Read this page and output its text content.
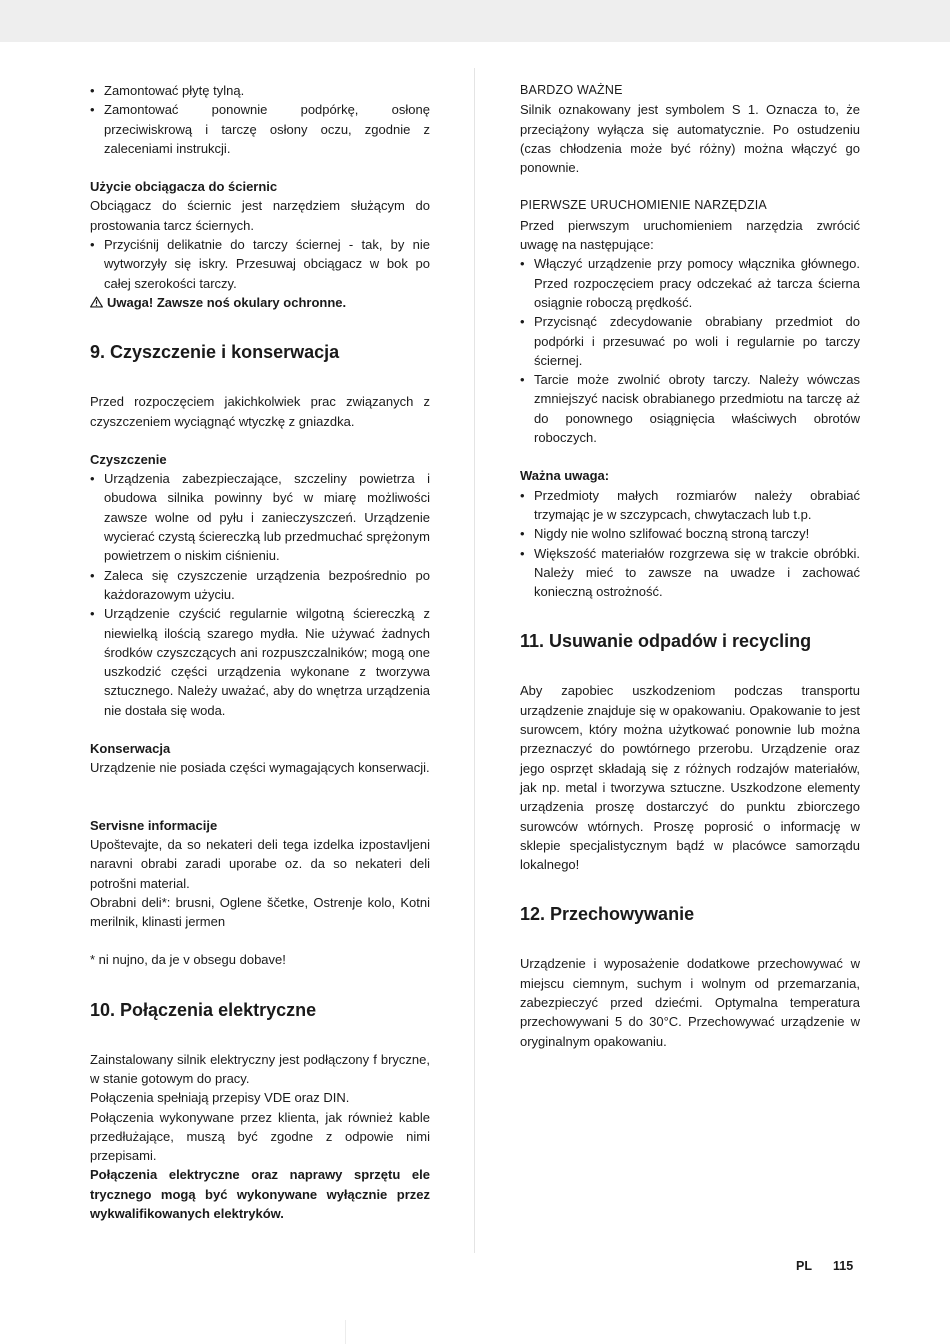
• Zamontować płytę tylną.
• Zamontować ponownie podpórkę, osłonę przeciwiskrową i tarczę osłony oczu, zgodnie z zaleceniami instrukcji.
Użycie obciągacza do ściernic

Obciągacz do ściernic jest narzędziem służącym do prostowania tarcz ściernych.

• Przyciśnij delikatnie do tarczy ściernej - tak, by nie wytworzyły się iskry. Przesuwaj obciągacz w bok po całej szerokości tarczy.

Uwaga! Zawsze noś okulary ochronne.

9. Czyszczenie i konserwacja

Przed rozpoczęciem jakichkolwiek prac związanych z czyszczeniem wyciągnąć wtyczkę z gniazdka.

Czyszczenie
• Urządzenia zabezpieczające, szczeliny powietrza i obudowa silnika powinny być w miarę możliwości zawsze wolne od pyłu i zanieczyszczeń. Urządzenie wycierać czystą ściereczką lub przedmuchać sprężonym powietrzem o niskim ciśnieniu.
• Zaleca się czyszczenie urządzenia bezpośrednio po każdorazowym użyciu.
• Urządzenie czyścić regularnie wilgotną ściereczką z niewielką ilością szarego mydła. Nie używać żadnych środków czyszczących ani rozpuszczalników; mogą one uszkodzić części urządzenia wykonane z tworzywa sztucznego. Należy uważać, aby do wnętrza urządzenia nie dostała się woda.
Konserwacja

Urządzenie nie posiada części wymagających konserwacji.

Servisne informacije

Upoštevajte, da so nekateri deli tega izdelka izpostavljeni naravni obrabi zaradi uporabe oz. da so nekateri deli potrošni material.

Obrabni deli*: brusni, Oglene ščetke, Ostrenje kolo, Kotni merilnik, klinasti jermen

* ni nujno, da je v obsegu dobave!

10. Połączenia elektryczne

Zainstalowany silnik elektryczny jest podłączony f bryczne, w stanie gotowym do pracy.

Połączenia spełniają przepisy VDE oraz DIN.

Połączenia wykonywane przez klienta, jak również kable przedłużające, muszą być zgodne z odpowie nimi przepisami.

Połączenia elektryczne oraz naprawy sprzętu ele trycznego mogą być wykonywane wyłącznie przez wykwalifikowanych elektryków.

BARDZO WAŻNE

Silnik oznakowany jest symbolem S 1. Oznacza to, że przeciążony wyłącza się automatycznie. Po ostudzeniu (czas chłodzenia może być różny) można włączyć go ponownie.

PIERWSZE URUCHOMIENIE NARZĘDZIA

Przed pierwszym uruchomieniem narzędzia zwrócić uwagę na następujące:

• Włączyć urządzenie przy pomocy włącznika głównego. Przed rozpoczęciem pracy odczekać aż tarcza ścierna osiągnie roboczą prędkość.
• Przycisnąć zdecydowanie obrabiany przedmiot do podpórki i przesuwać po woli i regularnie po tarczy ściernej.
• Tarcie może zwolnić obroty tarczy. Należy wówczas zmniejszyć nacisk obrabianego przedmiotu na tarczę aż do ponownego osiągnięcia właściwych obrotów roboczych.
Ważna uwaga:
• Przedmioty małych rozmiarów należy obrabiać trzymając je w szczypcach, chwytaczach lub t.p.
• Nigdy nie wolno szlifować boczną stroną tarczy!
• Większość materiałów rozgrzewa się w trakcie obróbki. Należy mieć to zawsze na uwadze i zachować konieczną ostrożność.
11. Usuwanie odpadów i recycling

Aby zapobiec uszkodzeniom podczas transportu urządzenie znajduje się w opakowaniu. Opakowanie to jest surowcem, który można użytkować ponownie lub można przeznaczyć do powtórnego przerobu. Urządzenie oraz jego osprzęt składają się z różnych rodzajów materiałów, jak np. metal i tworzywa sztuczne. Uszkodzone elementy urządzenia proszę dostarczyć do punktu zbiorczego surowców wtórnych. Proszę poprosić o informację w sklepie specjalistycznym bądź w placówce samorządu lokalnego!

12. Przechowywanie

Urządzenie i wyposażenie dodatkowe przechowywać w miejscu ciemnym, suchym i wolnym od przemarzania, zabezpieczyć przed dziećmi. Optymalna temperatura przechowywani 5 do 30°C. Przechowywać urządzenie w oryginalnym opakowaniu.

PL 115
